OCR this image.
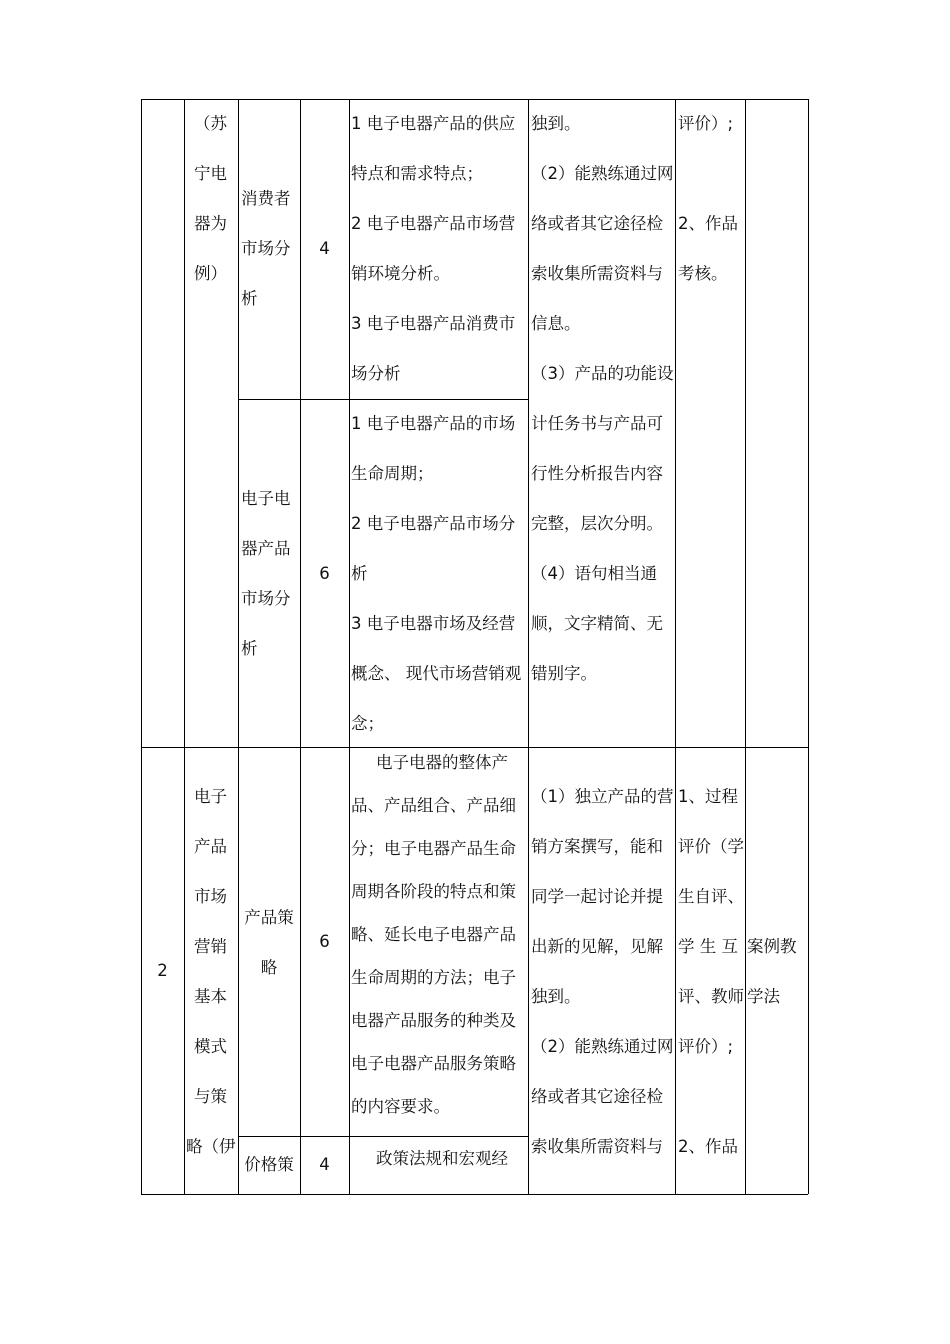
（苏
宁电
器为
例）
消费者
市场分
析
4
1 电子电器产品的供应
特点和需求特点；
2 电子电器产品市场营
销环境分析。
3 电子电器产品消费市
场分析
电子电
器产品
市场分
析
6
1 电子电器产品的市场
生命周期；
2 电子电器产品市场分
析
3 电子电器市场及经营
概念、 现代市场营销观
念；
独到。
（2）能熟练通过网
络或者其它途径检
索收集所需资料与
信息。
（3）产品的功能设
计任务书与产品可
行性分析报告内容
完整，层次分明。
（4）语句相当通
顺，文字精简、无
错别字。
评价）;
2、作品
考核。
2
电子
产品
市场
营销
基本
模式
与策
略（伊
产品策
略
6
电子电器的整体产
品、产品组合、产品细
分；电子电器产品生命
周期各阶段的特点和策
略、延长电子电器产品
生命周期的方法；电子
电器产品服务的种类及
电子电器产品服务策略
的内容要求。
价格策	4	政策法规和宏观经
（1）独立产品的营
销方案撰写，能和
同学一起讨论并提
出新的见解，见解
独到。
（2）能熟练通过网
络或者其它途径检
索收集所需资料与
1、过程
评价（学
生自评、
学 生 互
评、教师
评价）;
2、作品
案例教
学法
